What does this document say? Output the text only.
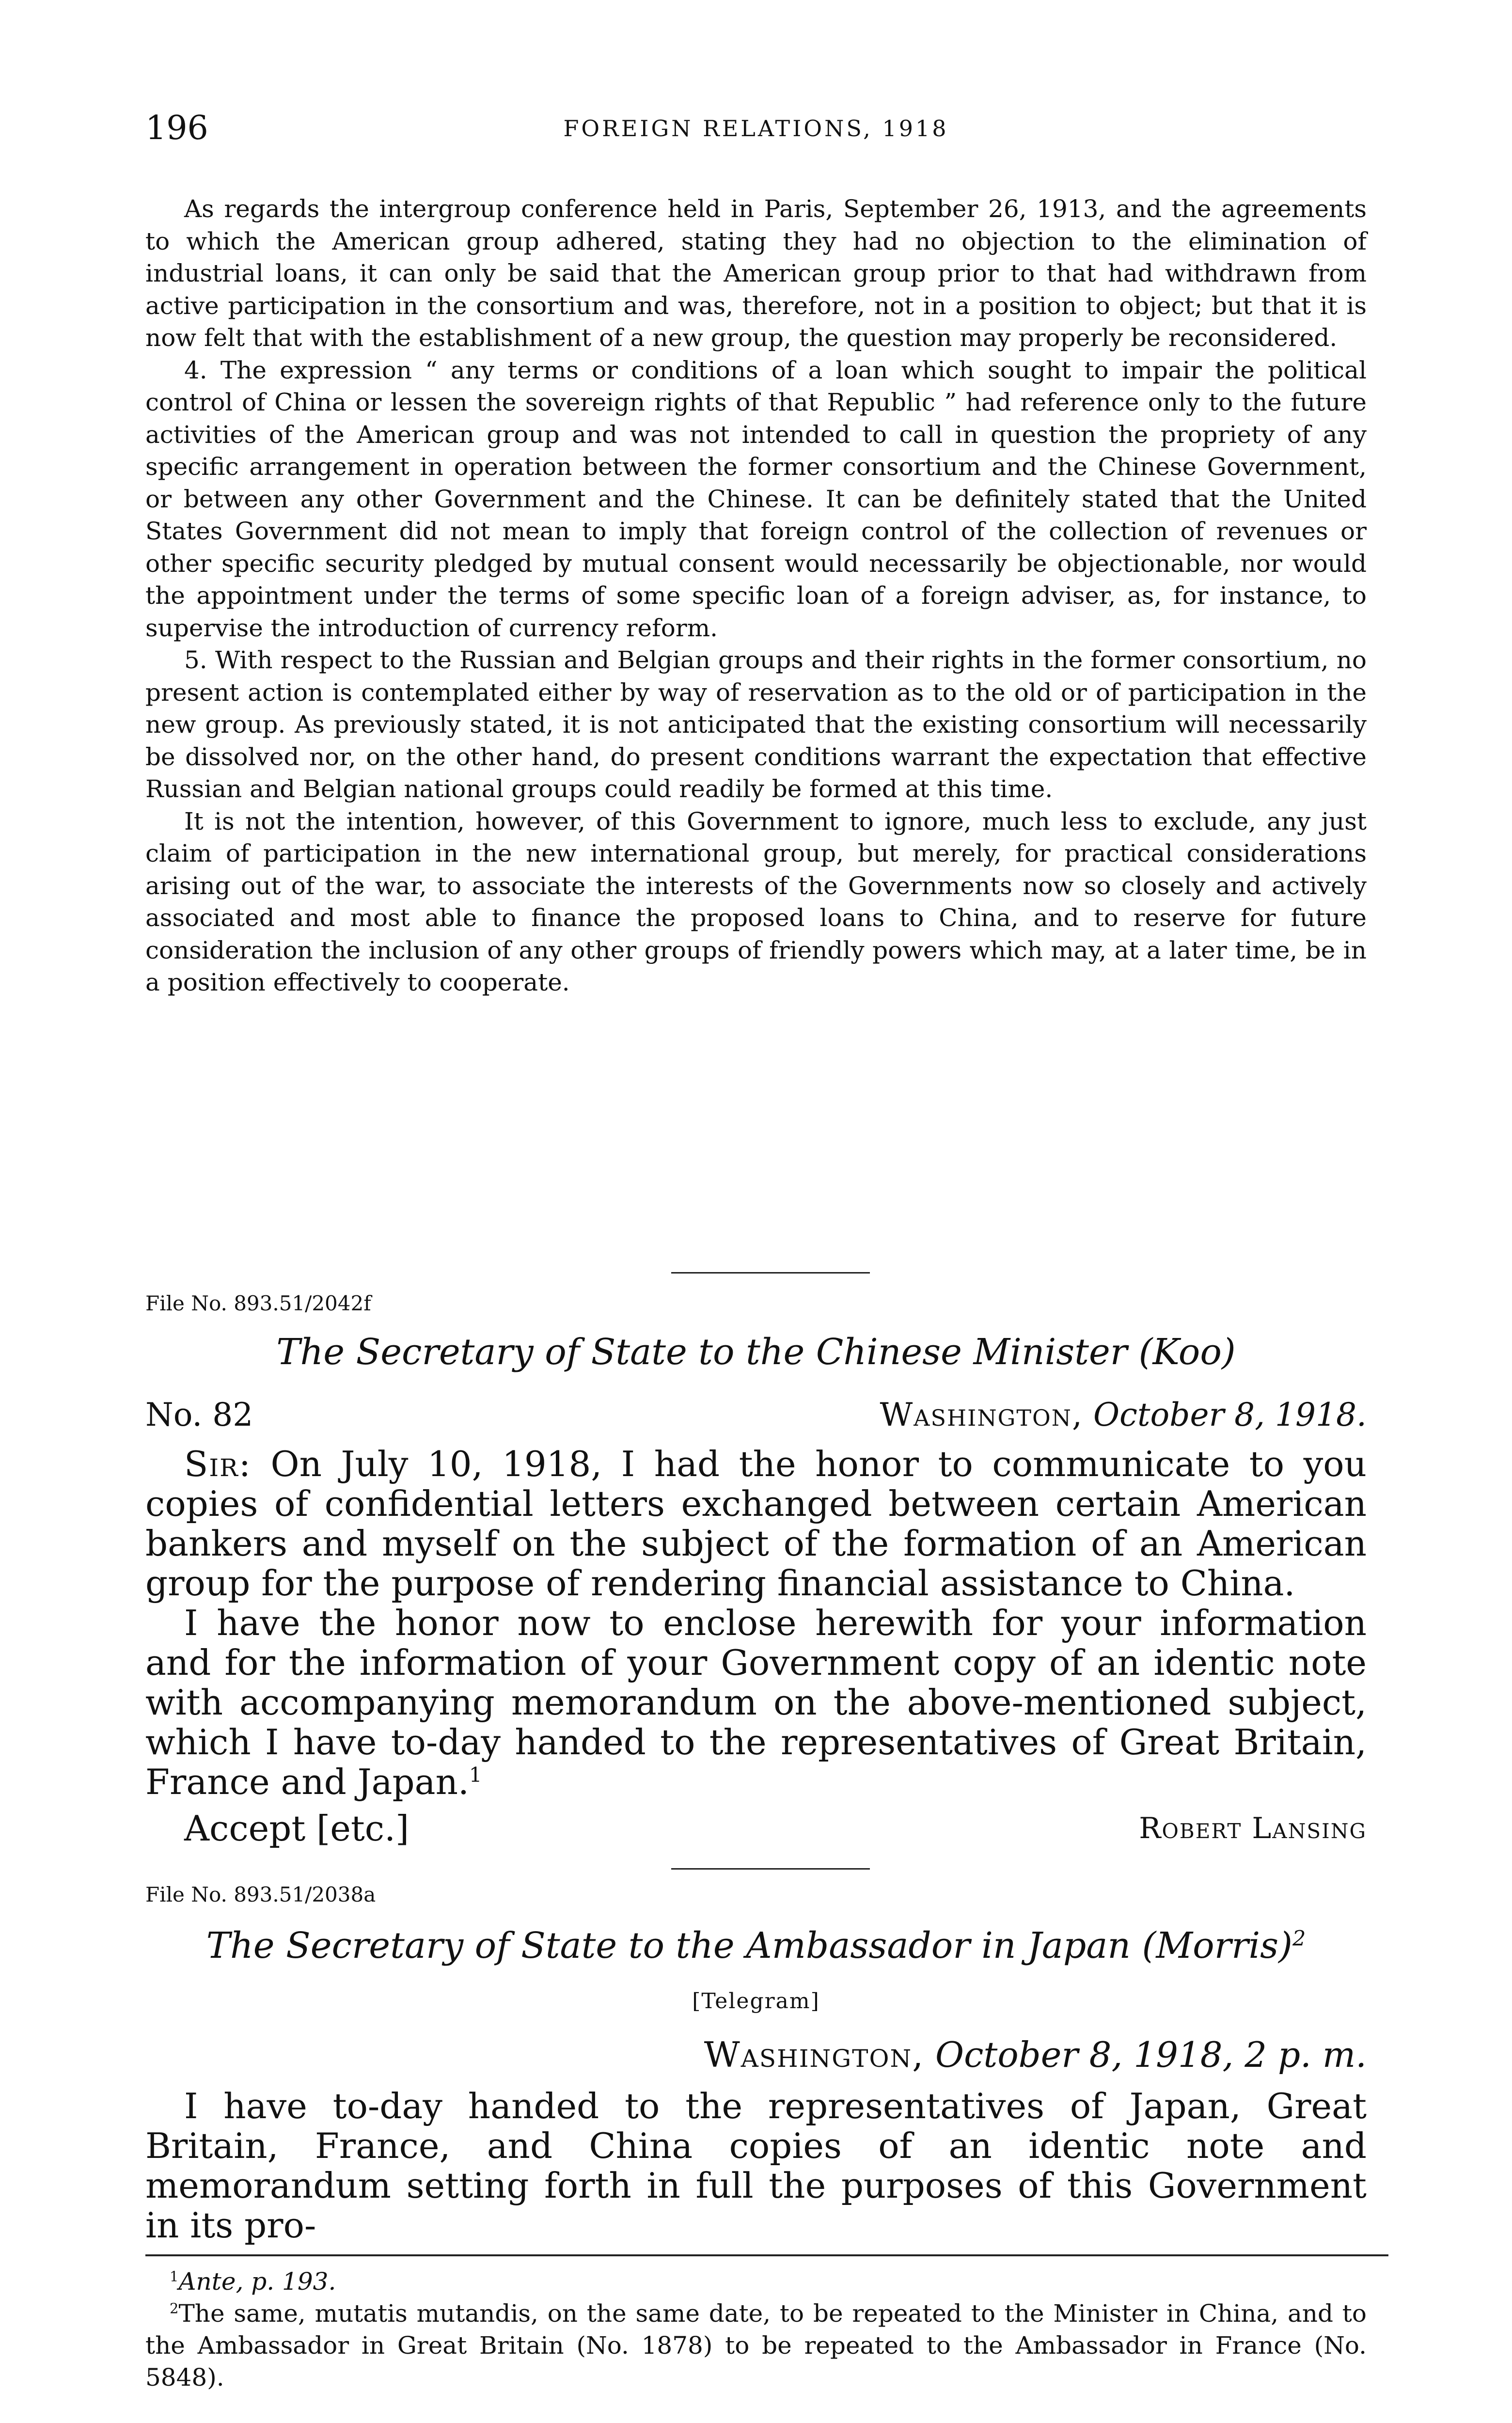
196	FOREIGN RELATIONS, 1918

As regards the intergroup conference held in Paris, September 26, 1913, and the agreements to which the American group adhered, stating they had no objection to the elimination of industrial loans, it can only be said that the American group prior to that had withdrawn from active participation in the consortium and was, therefore, not in a position to object; but that it is now felt that with the establishment of a new group, the question may properly be reconsidered.

4. The expression “ any terms or conditions of a loan which sought to impair the political control of China or lessen the sovereign rights of that Republic ” had reference only to the future activities of the American group and was not intended to call in question the propriety of any specific arrangement in operation between the former consortium and the Chinese Government, or between any other Government and the Chinese. It can be definitely stated that the United States Government did not mean to imply that foreign control of the collection of revenues or other specific security pledged by mutual consent would necessarily be objectionable, nor would the appointment under the terms of some specific loan of a foreign adviser, as, for instance, to supervise the introduction of currency reform.

5. With respect to the Russian and Belgian groups and their rights in the former consortium, no present action is contemplated either by way of reservation as to the old or of participation in the new group. As previously stated, it is not anticipated that the existing consortium will necessarily be dissolved nor, on the other hand, do present conditions warrant the expectation that effective Russian and Belgian national groups could readily be formed at this time.

It is not the intention, however, of this Government to ignore, much less to exclude, any just claim of participation in the new international group, but merely, for practical considerations arising out of the war, to associate the interests of the Governments now so closely and actively associated and most able to finance the proposed loans to China, and to reserve for future consideration the inclusion of any other groups of friendly powers which may, at a later time, be in a position effectively to cooperate.

File No. 893.51/2042f
The Secretary of State to the Chinese Minister (Koo)
No. 82	Washington, October 8, 1918.

Sir: On July 10, 1918, I had the honor to communicate to you copies of confidential letters exchanged between certain American bankers and myself on the subject of the formation of an American group for the purpose of rendering financial assistance to China.

I have the honor now to enclose herewith for your information and for the information of your Government copy of an identic note with accompanying memorandum on the above-mentioned subject, which I have to-day handed to the representatives of Great Britain, France and Japan.$^1$

Accept [etc.]	Robert Lansing
File No. 893.51/2038a
The Secretary of State to the Ambassador in Japan (Morris)$^2$
[Telegram]
Washington, October 8, 1918, 2 p. m.

I have to-day handed to the representatives of Japan, Great Britain, France, and China copies of an identic note and memorandum setting forth in full the purposes of this Government in its pro-

$^1$Ante, p. 193.

$^2$The same, mutatis mutandis, on the same date, to be repeated to the Minister in China, and to the Ambassador in Great Britain (No. 1878) to be repeated to the Ambassador in France (No. 5848).
